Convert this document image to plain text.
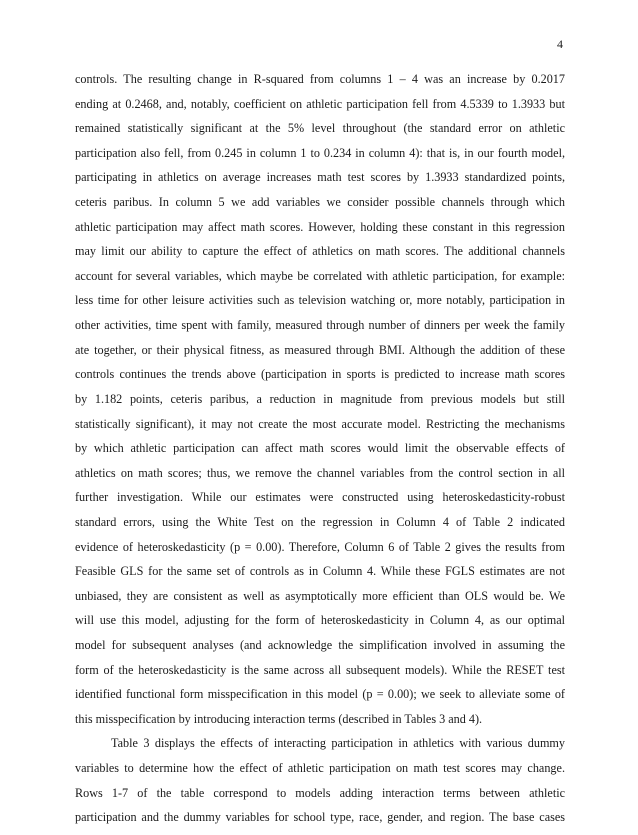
4
controls. The resulting change in R-squared from columns 1 – 4 was an increase by 0.2017
ending at 0.2468, and, notably, coefficient on athletic participation fell from 4.5339 to 1.3933 but
remained statistically significant at the 5% level throughout (the standard error on athletic
participation also fell, from 0.245 in column 1 to 0.234 in column 4): that is, in our fourth model,
participating in athletics on average increases math test scores by 1.3933 standardized points,
ceteris paribus. In column 5 we add variables we consider possible channels through which
athletic participation may affect math scores. However, holding these constant in this regression
may limit our ability to capture the effect of athletics on math scores. The additional channels
account for several variables, which maybe be correlated with athletic participation, for example:
less time for other leisure activities such as television watching or, more notably, participation in
other activities, time spent with family, measured through number of dinners per week the family
ate together, or their physical fitness, as measured through BMI. Although the addition of these
controls continues the trends above (participation in sports is predicted to increase math scores
by 1.182 points, ceteris paribus, a reduction in magnitude from previous models but still
statistically significant), it may not create the most accurate model. Restricting the mechanisms
by which athletic participation can affect math scores would limit the observable effects of
athletics on math scores; thus, we remove the channel variables from the control section in all
further investigation. While our estimates were constructed using heteroskedasticity-robust
standard errors, using the White Test on the regression in Column 4 of Table 2 indicated
evidence of heteroskedasticity (p = 0.00). Therefore, Column 6 of Table 2 gives the results from
Feasible GLS for the same set of controls as in Column 4. While these FGLS estimates are not
unbiased, they are consistent as well as asymptotically more efficient than OLS would be. We
will use this model, adjusting for the form of heteroskedasticity in Column 4, as our optimal
model for subsequent analyses (and acknowledge the simplification involved in assuming the
form of the heteroskedasticity is the same across all subsequent models). While the RESET test
identified functional form misspecification in this model (p = 0.00); we seek to alleviate some of
this misspecification by introducing interaction terms (described in Tables 3 and 4).
Table 3 displays the effects of interacting participation in athletics with various dummy
variables to determine how the effect of athletic participation on math test scores may change.
Rows 1-7 of the table correspond to models adding interaction terms between athletic
participation and the dummy variables for school type, race, gender, and region. The base cases
